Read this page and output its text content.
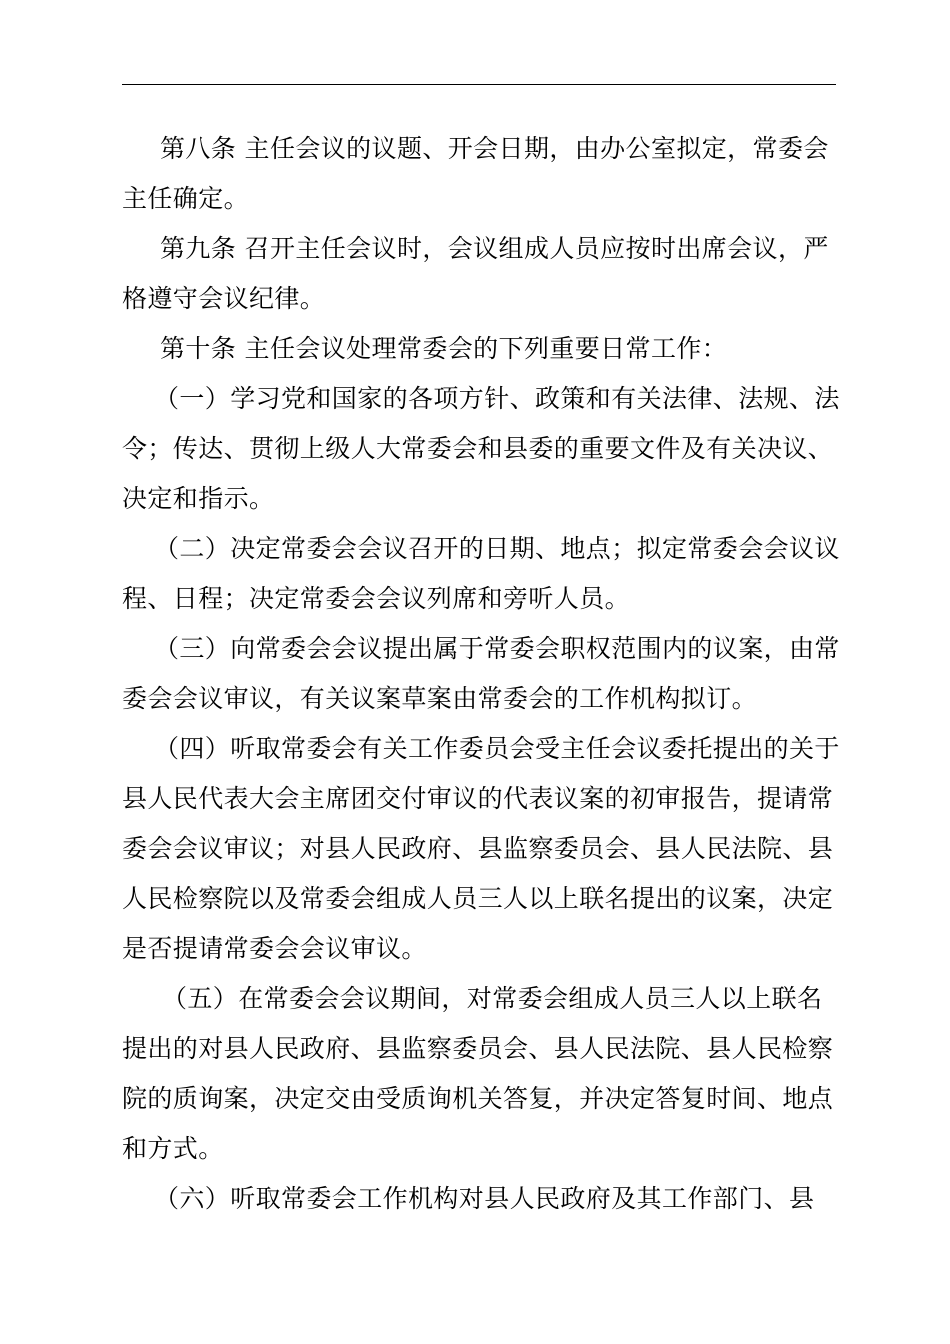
第八条 主任会议的议题、开会日期，由办公室拟定，常委会主任确定。

第九条 召开主任会议时，会议组成人员应按时出席会议，严格遵守会议纪律。

第十条 主任会议处理常委会的下列重要日常工作：

（一）学习党和国家的各项方针、政策和有关法律、法规、法令；传达、贯彻上级人大常委会和县委的重要文件及有关决议、决定和指示。

（二）决定常委会会议召开的日期、地点；拟定常委会会议议程、日程；决定常委会会议列席和旁听人员。

（三）向常委会会议提出属于常委会职权范围内的议案，由常委会会议审议，有关议案草案由常委会的工作机构拟订。

（四）听取常委会有关工作委员会受主任会议委托提出的关于县人民代表大会主席团交付审议的代表议案的初审报告，提请常委会会议审议；对县人民政府、县监察委员会、县人民法院、县人民检察院以及常委会组成人员三人以上联名提出的议案，决定是否提请常委会会议审议。

（五）在常委会会议期间，对常委会组成人员三人以上联名提出的对县人民政府、县监察委员会、县人民法院、县人民检察院的质询案，决定交由受质询机关答复，并决定答复时间、地点和方式。

（六）听取常委会工作机构对县人民政府及其工作部门、县
